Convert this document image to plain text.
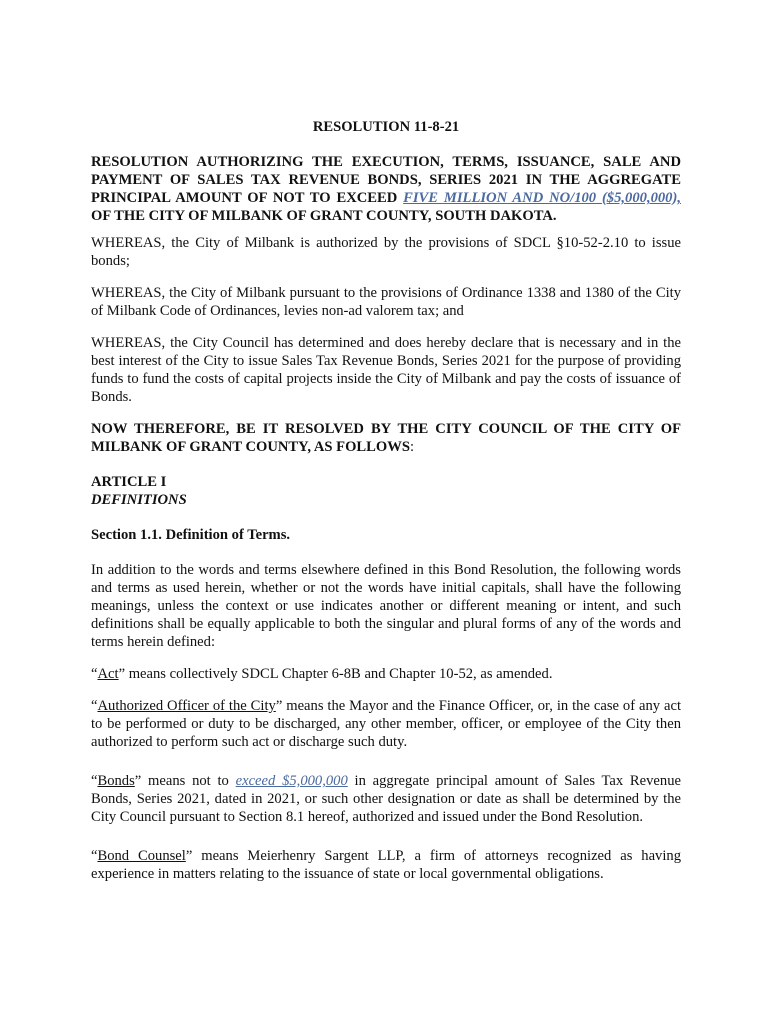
RESOLUTION 11-8-21

RESOLUTION AUTHORIZING THE EXECUTION, TERMS, ISSUANCE, SALE AND PAYMENT OF SALES TAX REVENUE BONDS, SERIES 2021 IN THE AGGREGATE PRINCIPAL AMOUNT OF NOT TO EXCEED FIVE MILLION AND NO/100 ($5,000,000), OF THE CITY OF MILBANK OF GRANT COUNTY, SOUTH DAKOTA.

WHEREAS, the City of Milbank is authorized by the provisions of SDCL §10-52-2.10 to issue bonds;

WHEREAS, the City of Milbank pursuant to the provisions of Ordinance 1338 and 1380 of the City of Milbank Code of Ordinances, levies non-ad valorem tax; and

WHEREAS, the City Council has determined and does hereby declare that is necessary and in the best interest of the City to issue Sales Tax Revenue Bonds, Series 2021 for the purpose of providing funds to fund the costs of capital projects inside the City of Milbank and pay the costs of issuance of Bonds.

NOW THEREFORE, BE IT RESOLVED BY THE CITY COUNCIL OF THE CITY OF MILBANK OF GRANT COUNTY, AS FOLLOWS:

ARTICLE I

DEFINITIONS

Section 1.1. Definition of Terms.

In addition to the words and terms elsewhere defined in this Bond Resolution, the following words and terms as used herein, whether or not the words have initial capitals, shall have the following meanings, unless the context or use indicates another or different meaning or intent, and such definitions shall be equally applicable to both the singular and plural forms of any of the words and terms herein defined:

“Act” means collectively SDCL Chapter 6-8B and Chapter 10-52, as amended.

“Authorized Officer of the City” means the Mayor and the Finance Officer, or, in the case of any act to be performed or duty to be discharged, any other member, officer, or employee of the City then authorized to perform such act or discharge such duty.

“Bonds” means not to exceed $5,000,000 in aggregate principal amount of Sales Tax Revenue Bonds, Series 2021, dated in 2021, or such other designation or date as shall be determined by the City Council pursuant to Section 8.1 hereof, authorized and issued under the Bond Resolution.

“Bond Counsel” means Meierhenry Sargent LLP, a firm of attorneys recognized as having experience in matters relating to the issuance of state or local governmental obligations.
